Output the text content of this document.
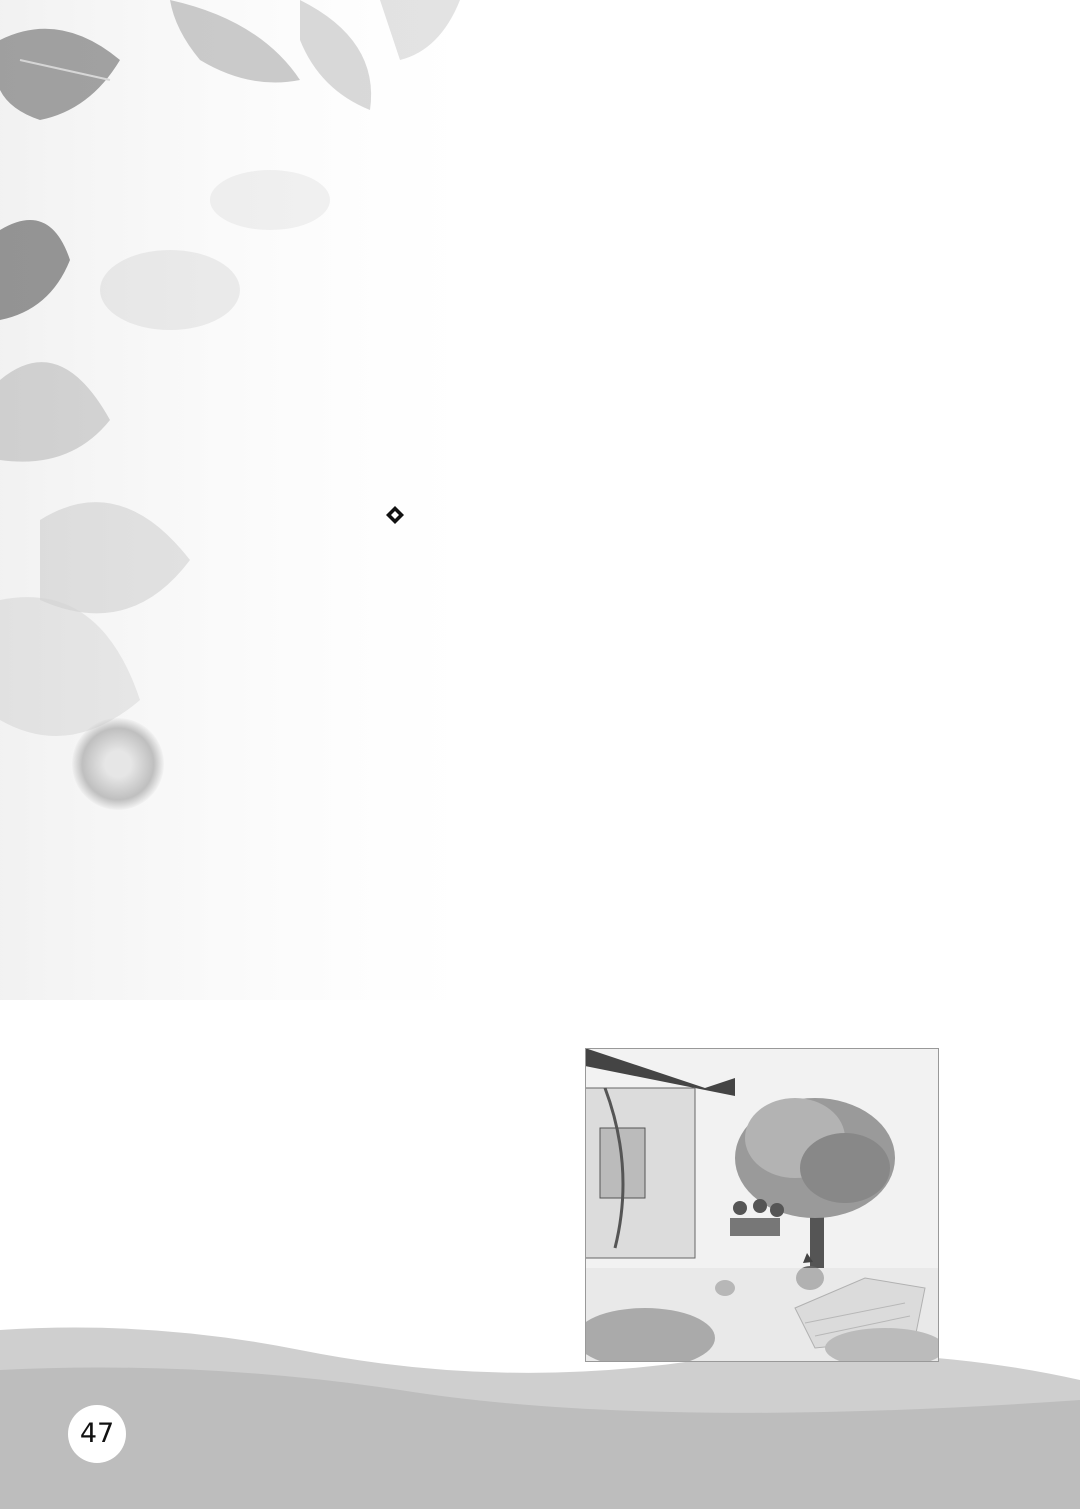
47
